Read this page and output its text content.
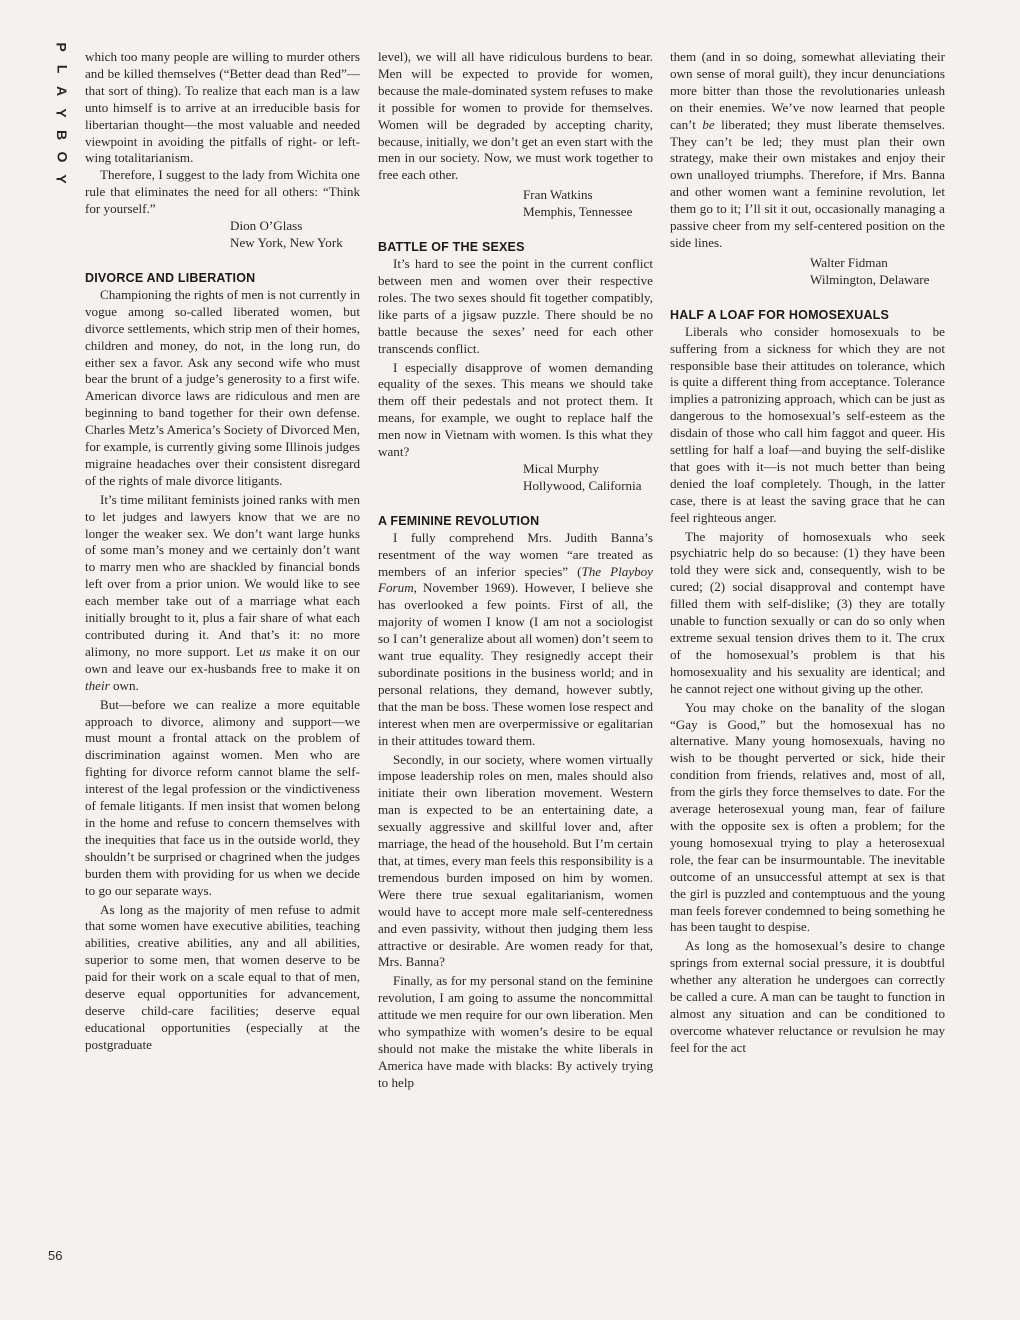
P
L
A
Y
B
O
Y
56

which too many people are willing to murder others and be killed themselves (“Better dead than Red”—that sort of thing). To realize that each man is a law unto himself is to arrive at an irreducible basis for libertarian thought—the most valuable and needed viewpoint in avoiding the pitfalls of right- or left-wing totalitarianism.

Therefore, I suggest to the lady from Wichita one rule that eliminates the need for all others: “Think for yourself.”

Dion O’Glass

New York, New York

DIVORCE AND LIBERATION

Championing the rights of men is not currently in vogue among so-called liberated women, but divorce settlements, which strip men of their homes, children and money, do not, in the long run, do either sex a favor. Ask any second wife who must bear the brunt of a judge’s generosity to a first wife. American divorce laws are ridiculous and men are beginning to band together for their own defense. Charles Metz’s America’s Society of Divorced Men, for example, is currently giving some Illinois judges migraine headaches over their consistent disregard of the rights of male divorce litigants.

It’s time militant feminists joined ranks with men to let judges and lawyers know that we are no longer the weaker sex. We don’t want large hunks of some man’s money and we certainly don’t want to marry men who are shackled by financial bonds left over from a prior union. We would like to see each member take out of a marriage what each initially brought to it, plus a fair share of what each contributed during it. And that’s it: no more alimony, no more support. Let us make it on our own and leave our ex-husbands free to make it on their own.

But—before we can realize a more equitable approach to divorce, alimony and support—we must mount a frontal attack on the problem of discrimination against women. Men who are fighting for divorce reform cannot blame the self-interest of the legal profession or the vindictiveness of female litigants. If men insist that women belong in the home and refuse to concern themselves with the inequities that face us in the outside world, they shouldn’t be surprised or chagrined when the judges burden them with providing for us when we decide to go our separate ways.

As long as the majority of men refuse to admit that some women have executive abilities, teaching abilities, creative abilities, any and all abilities, superior to some men, that women deserve to be paid for their work on a scale equal to that of men, deserve equal opportunities for advancement, deserve child-care facilities; deserve equal educational opportunities (especially at the postgraduate

level), we will all have ridiculous burdens to bear. Men will be expected to provide for women, because the male-dominated system refuses to make it possible for women to provide for themselves. Women will be degraded by accepting charity, because, initially, we don’t get an even start with the men in our society. Now, we must work together to free each other.

Fran Watkins

Memphis, Tennessee

BATTLE OF THE SEXES

It’s hard to see the point in the current conflict between men and women over their respective roles. The two sexes should fit together compatibly, like parts of a jigsaw puzzle. There should be no battle because the sexes’ need for each other transcends conflict.

I especially disapprove of women demanding equality of the sexes. This means we should take them off their pedestals and not protect them. It means, for example, we ought to replace half the men now in Vietnam with women. Is this what they want?

Mical Murphy

Hollywood, California

A FEMININE REVOLUTION

I fully comprehend Mrs. Judith Banna’s resentment of the way women “are treated as members of an inferior species” (The Playboy Forum, November 1969). However, I believe she has overlooked a few points. First of all, the majority of women I know (I am not a sociologist so I can’t generalize about all women) don’t seem to want true equality. They resignedly accept their subordinate positions in the business world; and in personal relations, they demand, however subtly, that the man be boss. These women lose respect and interest when men are overpermissive or egalitarian in their attitudes toward them.

Secondly, in our society, where women virtually impose leadership roles on men, males should also initiate their own liberation movement. Western man is expected to be an entertaining date, a sexually aggressive and skillful lover and, after marriage, the head of the household. But I’m certain that, at times, every man feels this responsibility is a tremendous burden imposed on him by women. Were there true sexual egalitarianism, women would have to accept more male self-centeredness and even passivity, without then judging them less attractive or desirable. Are women ready for that, Mrs. Banna?

Finally, as for my personal stand on the feminine revolution, I am going to assume the noncommittal attitude we men require for our own liberation. Men who sympathize with women’s desire to be equal should not make the mistake the white liberals in America have made with blacks: By actively trying to help

them (and in so doing, somewhat alleviating their own sense of moral guilt), they incur denunciations more bitter than those the revolutionaries unleash on their enemies. We’ve now learned that people can’t be liberated; they must liberate themselves. They can’t be led; they must plan their own strategy, make their own mistakes and enjoy their own unalloyed triumphs. Therefore, if Mrs. Banna and other women want a feminine revolution, let them go to it; I’ll sit it out, occasionally managing a passive cheer from my self-centered position on the side lines.

Walter Fidman

Wilmington, Delaware

HALF A LOAF FOR HOMOSEXUALS

Liberals who consider homosexuals to be suffering from a sickness for which they are not responsible base their attitudes on tolerance, which is quite a different thing from acceptance. Tolerance implies a patronizing approach, which can be just as dangerous to the homosexual’s self-esteem as the disdain of those who call him faggot and queer. His settling for half a loaf—and buying the self-dislike that goes with it—is not much better than being denied the loaf completely. Though, in the latter case, there is at least the saving grace that he can feel righteous anger.

The majority of homosexuals who seek psychiatric help do so because: (1) they have been told they were sick and, consequently, wish to be cured; (2) social disapproval and contempt have filled them with self-dislike; (3) they are totally unable to function sexually or can do so only when extreme sexual tension drives them to it. The crux of the homosexual’s problem is that his homosexuality and his sexuality are identical; and he cannot reject one without giving up the other.

You may choke on the banality of the slogan “Gay is Good,” but the homosexual has no alternative. Many young homosexuals, having no wish to be thought perverted or sick, hide their condition from friends, relatives and, most of all, from the girls they force themselves to date. For the average heterosexual young man, fear of failure with the opposite sex is often a problem; for the young homosexual trying to play a heterosexual role, the fear can be insurmountable. The inevitable outcome of an unsuccessful attempt at sex is that the girl is puzzled and contemptuous and the young man feels forever condemned to being something he has been taught to despise.

As long as the homosexual’s desire to change springs from external social pressure, it is doubtful whether any alteration he undergoes can correctly be called a cure. A man can be taught to function in almost any situation and can be conditioned to overcome whatever reluctance or revulsion he may feel for the act
